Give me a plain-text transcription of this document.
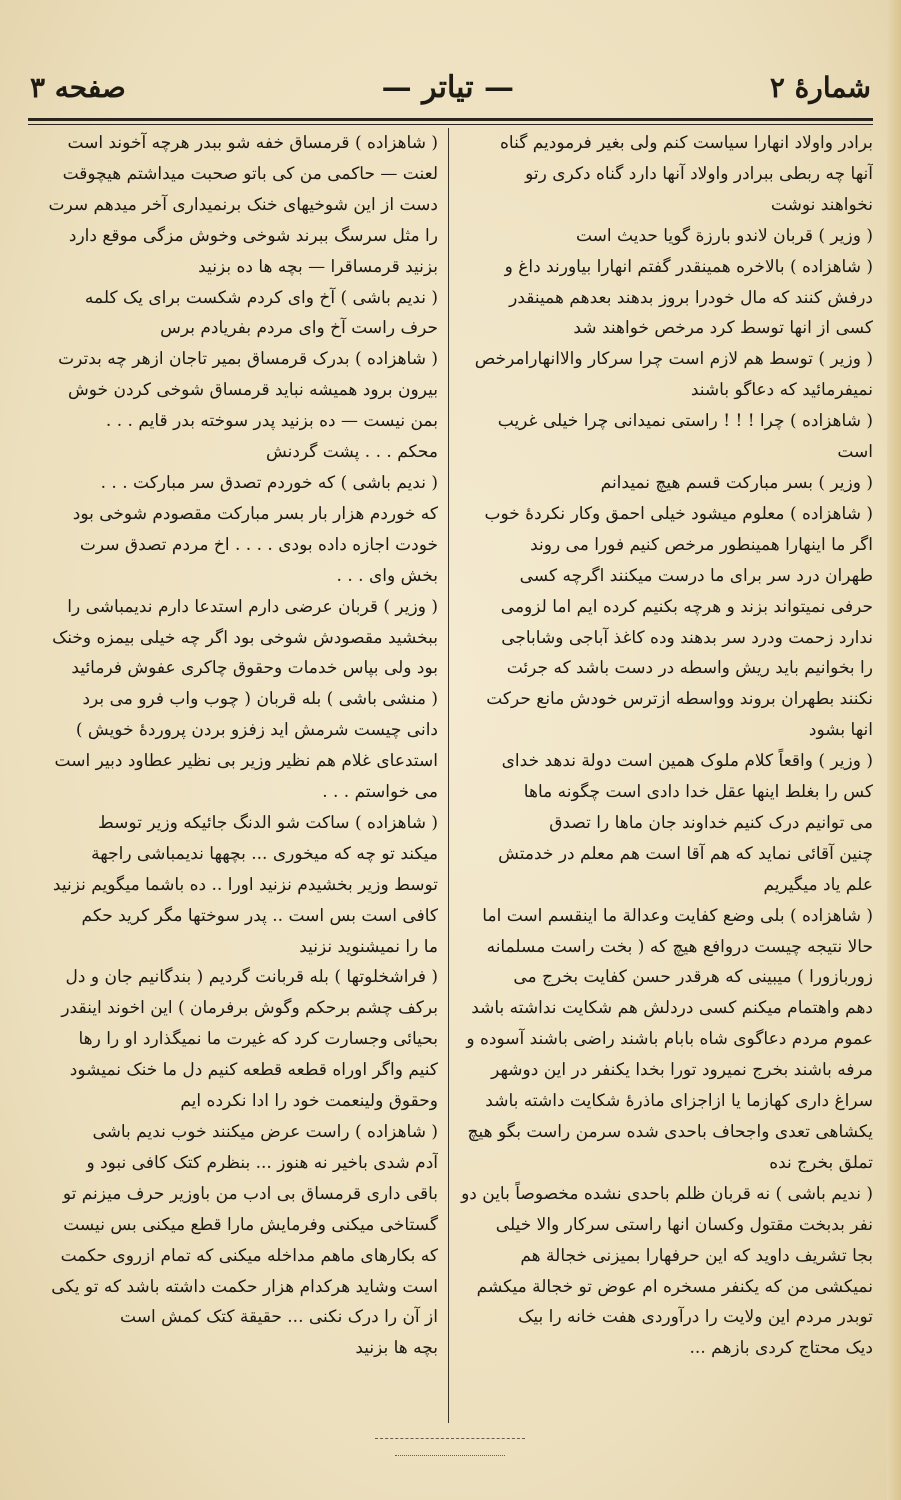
شمارهٔ ۲
— تیاتر —
صفحه ۳

برادر واولاد انهارا سیاست کنم ولی بغیر فرمودیم گناه

آنها چه ربطی ببرادر واولاد آنها دارد گناه دکری رتو

نخواهند نوشت

( وزیر ) قربان لاندو بارزة گویا حدیث است

( شاهزاده ) بالاخره همینقدر گفتم انهارا بیاورند داغ و

درفش کنند که مال خودرا بروز بدهند بعدهم همینقدر

کسی از انها توسط کرد مرخص خواهند شد

( وزیر ) توسط هم لازم است چرا سرکار والاانهارامرخص

نمیفرمائید که دعاگو باشند

( شاهزاده ) چرا ! ! ! راستی نمیدانی چرا خیلی غریب

است

( وزیر ) بسر مبارکت قسم هیچ نمیدانم

( شاهزاده ) معلوم میشود خیلی احمق وکار نکردهٔ خوب

اگر ما اینهارا همینطور مرخص کنیم فورا می روند

طهران درد سر برای ما درست میکنند اگرچه کسی

حرفی نمیتواند بزند و هرچه بکنیم کرده ایم اما لزومی

ندارد زحمت ودرد سر بدهند وده کاغذ آباجی وشاباجی

را بخوانیم باید ریش واسطه در دست باشد که جرئت

نکنند بطهران بروند وواسطه ازترس خودش مانع حرکت

انها بشود

( وزیر ) واقعاً کلام ملوک همین است دولة ندهد خدای

کس را بغلط اینها عقل خدا دادی است چگونه ماها

می توانیم درک کنیم خداوند جان ماها را تصدق

چنین آقائی نماید که هم آقا است هم معلم در خدمتش

علم یاد میگیریم

( شاهزاده ) بلی وضع کفایت وعدالة ما اینقسم است اما

حالا نتیجه چیست دروافع هیچ که ( بخت راست مسلمانه

زوربازورا ) میبینی که هرقدر حسن کفایت بخرج می

دهم واهتمام میکنم کسی دردلش هم شکایت نداشته باشد

عموم مردم دعاگوی شاه بابام باشند راضی باشند آسوده و

مرفه باشند بخرج نمیرود تورا بخدا یکنفر در این دوشهر

سراغ داری کهازما یا ازاجزای ماذرهٔ شکایت داشته باشد

یکشاهی تعدی واجحاف باحدی شده سرمن راست بگو هیچ

تملق بخرج نده

( ندیم باشی ) نه قربان ظلم باحدی نشده مخصوصاً باین دو

نفر بدبخت مقتول وکسان انها راستی سرکار والا خیلی

بجا تشریف داوید که این حرفهارا بمیزنی خجالة هم

نمیکشی من که یکنفر مسخره ام عوض تو خجالة میکشم

توبدر مردم این ولایت را درآوردی هفت خانه را بیک

دیک محتاج کردی بازهم ...

( شاهزاده ) قرمساق خفه شو ببدر هرچه آخوند است

لعنت — حاکمی من کی باتو صحبت میداشتم هیچوقت

دست از این شوخیهای خنک برنمیداری آخر میدهم سرت

را مثل سرسگ ببرند شوخی وخوش مزگی موقع دارد

بزنید قرمساقرا — بچه ها ده بزنید

( ندیم باشی ) آخ وای کردم شکست برای یک کلمه

حرف راست آخ وای مردم بفریادم برس

( شاهزاده ) بدرک قرمساق بمیر تاجان ازهر چه بدترت

بیرون برود همیشه نباید قرمساق شوخی کردن خوش

بمن نیست — ده بزنید پدر سوخته بدر قایم . . .

محکم . . . پشت گردنش

( ندیم باشی ) که خوردم تصدق سر مبارکت . . .

که خوردم هزار بار بسر مبارکت مقصودم شوخی بود

خودت اجازه داده بودی . . . . اخ مردم تصدق سرت

بخش وای . . .

( وزیر ) قربان عرضی دارم استدعا دارم ندیمباشی را

ببخشید مقصودش شوخی بود اگر چه خیلی بیمزه وخنک

بود ولی بپاس خدمات وحقوق چاکری عفوش فرمائید

( منشی باشی ) بله قربان ( چوب واب فرو می برد

دانی چیست شرمش اید زفزو بردن پروردهٔ خویش )

استدعای غلام هم نظیر وزیر بی نظیر عطاود دبیر است

می خواستم . . .

( شاهزاده ) ساکت شو الدنگ جائیکه وزیر توسط

میکند تو چه که میخوری ... بچهها ندیمباشی راجهة

توسط وزیر بخشیدم نزنید اورا .. ده باشما میگویم نزنید

کافی است بس است .. پدر سوختها مگر کرید حکم

ما را نمیشنوید نزنید

( فراشخلوتها ) بله قربانت گردیم ( بندگانیم جان و دل

برکف چشم برحکم وگوش برفرمان ) این اخوند اینقدر

بحیائی وجسارت کرد که غیرت ما نمیگذارد او را رها

کنیم واگر اوراه قطعه قطعه کنیم دل ما خنک نمیشود

وحقوق ولینعمت خود را ادا نکرده ایم

( شاهزاده ) راست عرض میکنند خوب ندیم باشی

آدم شدی باخیر نه هنوز ... بنظرم کتک کافی نبود و

باقی داری قرمساق بی ادب من باوزیر حرف میزنم تو

گستاخی میکنی وفرمایش مارا قطع میکنی بس نیست

که بکارهای ماهم مداخله میکنی که تمام ازروی حکمت

است وشاید هرکدام هزار حکمت داشته باشد که تو یکی

از آن را درک نکنی ... حقیقة کتک کمش است

بچه ها بزنید
